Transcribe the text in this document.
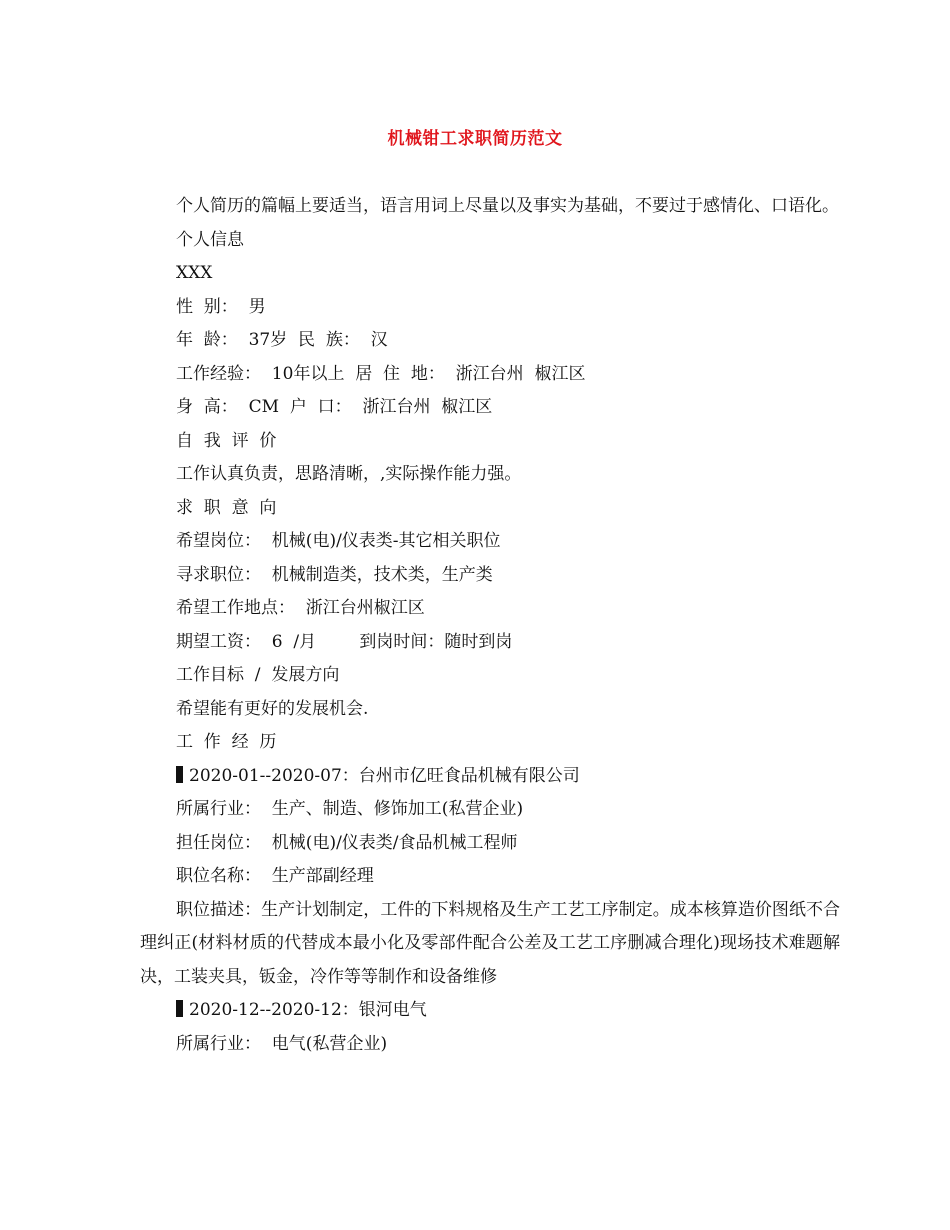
机械钳工求职简历范文

个人简历的篇幅上要适当，语言用词上尽量以及事实为基础，不要过于感情化、口语化。

个人信息

XXX

性  别：  男

年  龄：  37岁  民  族：  汉

工作经验：  10年以上  居  住  地：  浙江台州  椒江区

身  高：  CM  户  口：  浙江台州  椒江区

自  我  评  价

工作认真负责，思路清晰，,实际操作能力强。

求  职  意  向

希望岗位：  机械(电)/仪表类-其它相关职位

寻求职位：  机械制造类，技术类，生产类

希望工作地点：  浙江台州椒江区

期望工资：  6  /月        到岗时间：随时到岗

工作目标  /  发展方向

希望能有更好的发展机会.

工  作  经  历

2020-01--2020-07：台州市亿旺食品机械有限公司

所属行业：  生产、制造、修饰加工(私营企业)

担任岗位：  机械(电)/仪表类/食品机械工程师

职位名称：  生产部副经理

职位描述：生产计划制定，工件的下料规格及生产工艺工序制定。成本核算造价图纸不合理纠正(材料材质的代替成本最小化及零部件配合公差及工艺工序删减合理化)现场技术难题解决，工装夹具，钣金，冷作等等制作和设备维修

2020-12--2020-12：银河电气

所属行业：  电气(私营企业)
